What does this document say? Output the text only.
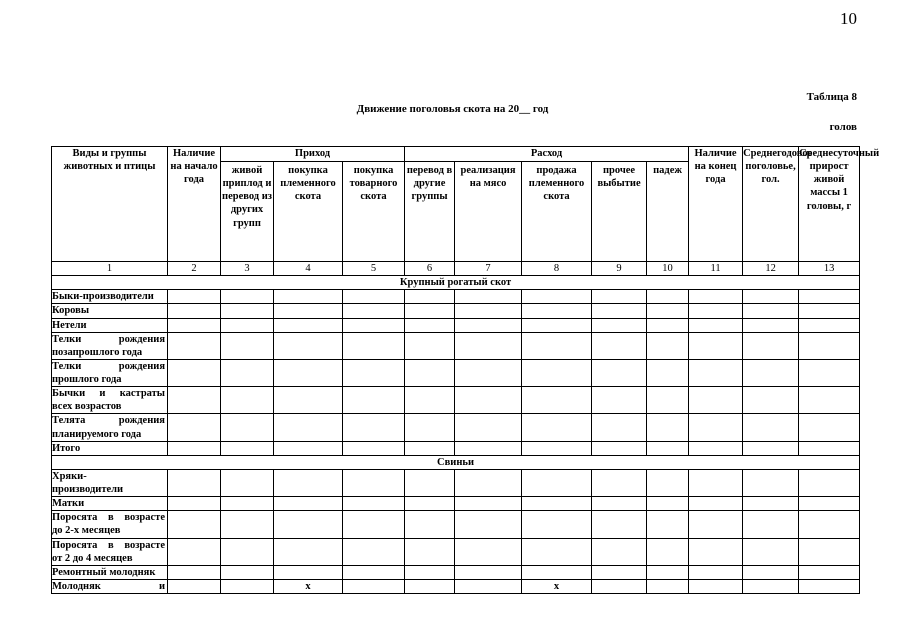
10
Таблица 8
Движение поголовья скота на 20__ год
голов
Виды и группы животных и птицы	Наличие на начало года	Приход			Расход					Наличие на конец года	Среднегодовое поголовье, гол.	Среднесуточный прирост живой массы 1 головы, г
		живой приплод и перевод из других групп	покупка племенного скота	покупка товарного скота	перевод в другие группы	реализация на мясо	продажа племенного скота	прочее выбытие	падеж			
1	2	3	4	5	6	7	8	9	10	11	12	13
Крупный рогатый скот												
Быки-производители												
Коровы												
Нетели												

Телки рождения
позапрошлого года												

Телки рождения
прошлого года												

Бычки и кастраты
всех возрастов												

Телята рождения
планируемого года												

Итого												
Свиньи												

Хряки-
производители												

Матки												

Поросята в возрасте
до 2-х месяцев												

Поросята в возрасте
от 2 до 4 месяцев												

Ремонтный молодняк												
Молодняк и			х				х					
